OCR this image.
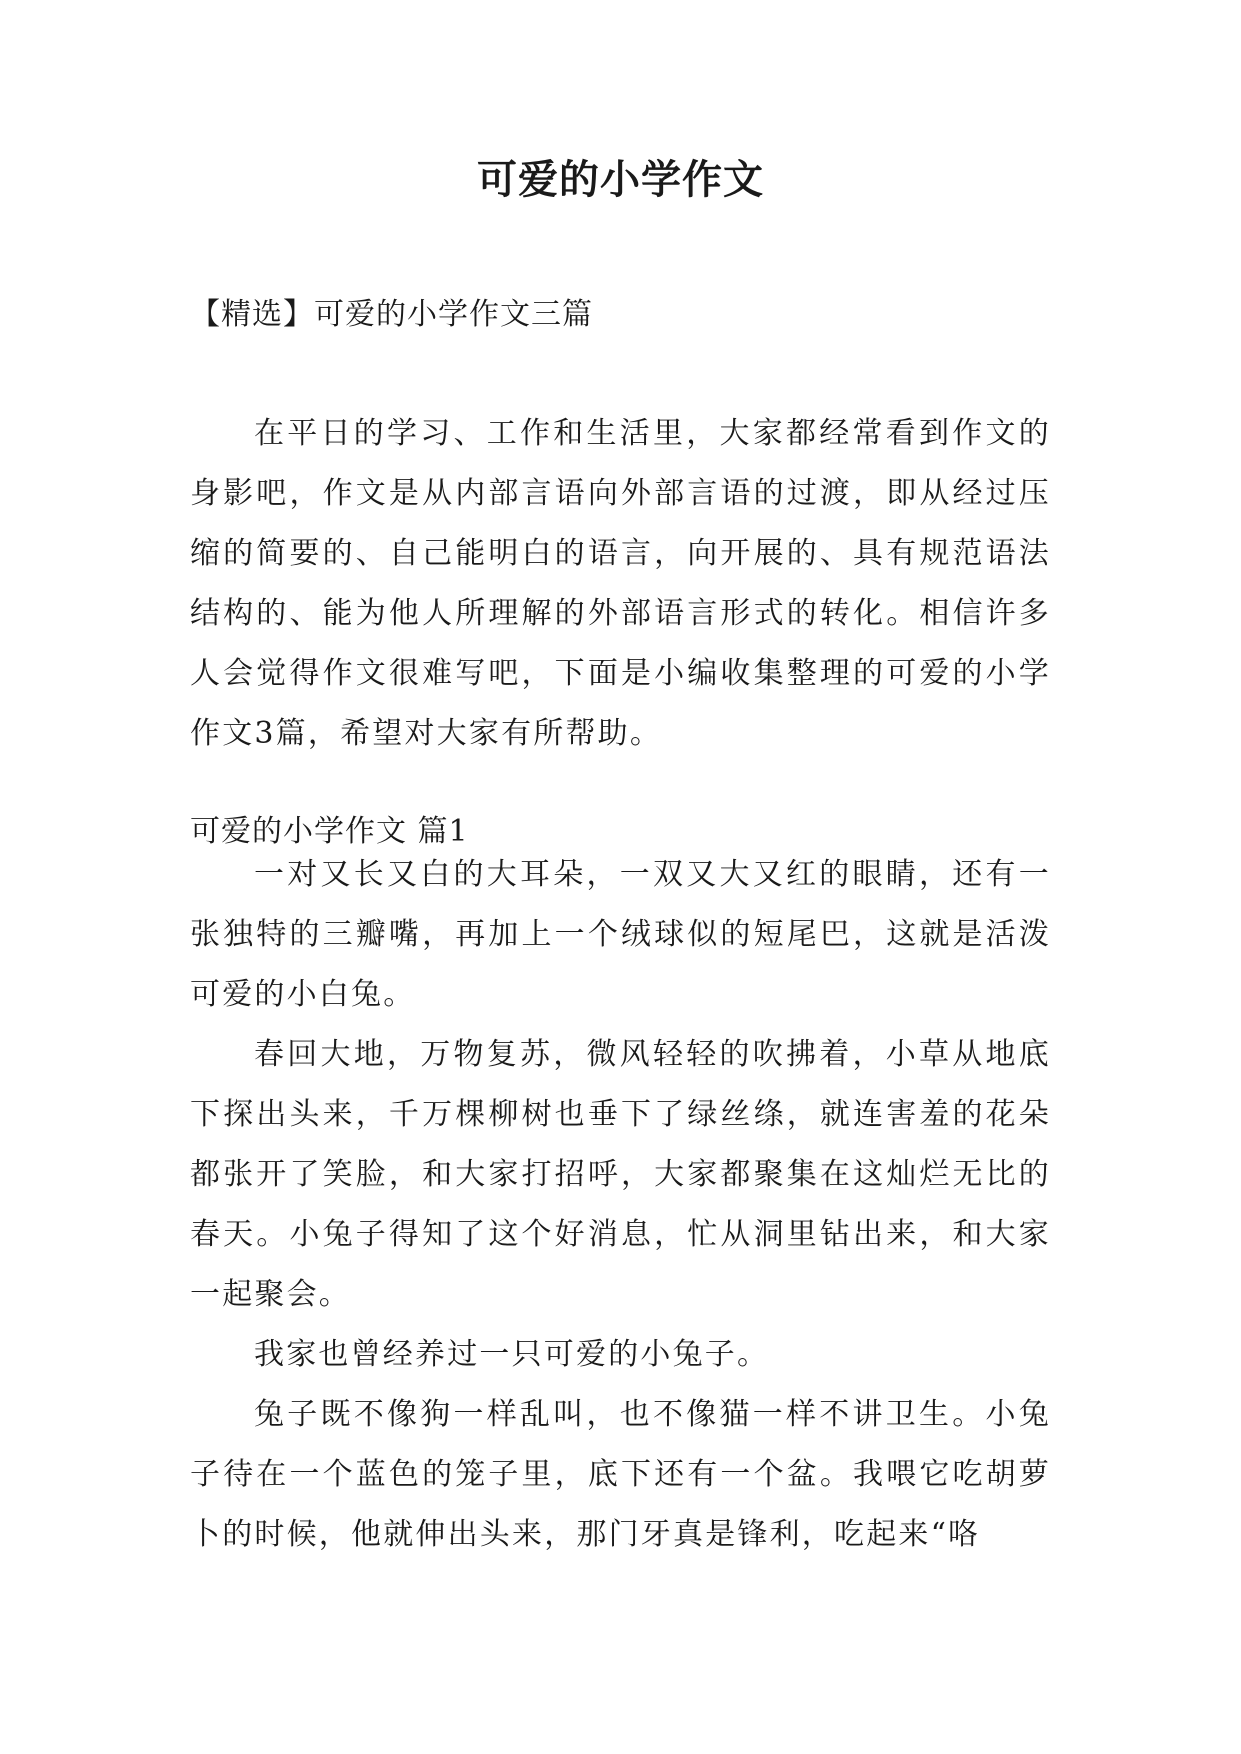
可爱的小学作文

【精选】可爱的小学作文三篇

在平日的学习、工作和生活里，大家都经常看到作文的身影吧，作文是从内部言语向外部言语的过渡，即从经过压缩的简要的、自己能明白的语言，向开展的、具有规范语法结构的、能为他人所理解的外部语言形式的转化。相信许多人会觉得作文很难写吧，下面是小编收集整理的可爱的小学作文3篇，希望对大家有所帮助。

可爱的小学作文 篇1

一对又长又白的大耳朵，一双又大又红的眼睛，还有一张独特的三瓣嘴，再加上一个绒球似的短尾巴，这就是活泼可爱的小白兔。

春回大地，万物复苏，微风轻轻的吹拂着，小草从地底下探出头来，千万棵柳树也垂下了绿丝绦，就连害羞的花朵都张开了笑脸，和大家打招呼，大家都聚集在这灿烂无比的春天。小兔子得知了这个好消息，忙从洞里钻出来，和大家一起聚会。

我家也曾经养过一只可爱的小兔子。

兔子既不像狗一样乱叫，也不像猫一样不讲卫生。小兔子待在一个蓝色的笼子里，底下还有一个盆。我喂它吃胡萝卜的时候，他就伸出头来，那门牙真是锋利，吃起来“咯
